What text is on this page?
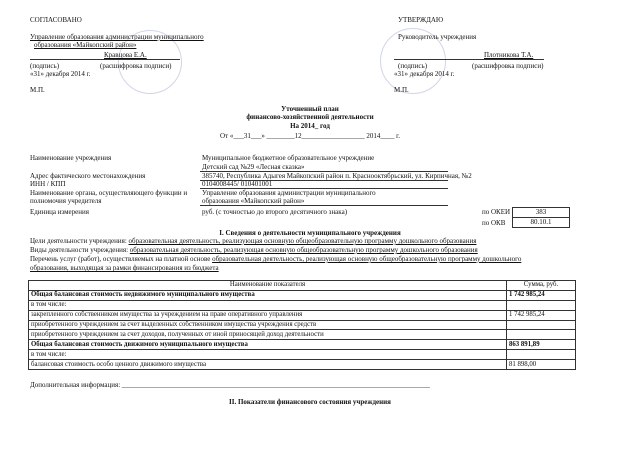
СОГЛАСОВАНО
Управление образования администрации муниципального
образования «Майкопский район»
Кравцова Е.А.
(подпись)	(расшифровка подписи)
«31» декабря 2014 г.
М.П.
УТВЕРЖДАЮ
Руководитель учреждения
Плотникова Т.А.
(подпись)	(расшифровка подписи)
«31» декабря 2014 г.
М.П.
Уточненный план
финансово-хозяйственной деятельности
На 2014_ год
От «___31___» ________12__________________ 2014____ г.
Наименование учреждения	Муниципальное бюджетное образовательное учреждение
Детский сад №29 «Лесная сказка»
Адрес фактического местонахождения	385740, Республика Адыгея Майкопский район п. Краснооктябрьский, ул. Кирпичная, №2
ИНН / КПП	0104008445/ 010401001
Наименование органа, осуществляющего функции и
полномочия учредителя
Управление образования администрации муниципального
образования «Майкопский район»
Единица измерения	руб. (с точностью до второго десятичного знака)	по ОКЕИ	383
по ОКВ	80.10.1
I. Сведения о деятельности муниципального учреждения
Цели деятельности учреждения: образовательная деятельность, реализующая основную общеобразовательную программу дошкольного образования
Виды деятельности учреждения: образовательная деятельность, реализующая основную общеобразовательную программу дошкольного образования
Перечень услуг (работ), осуществляемых на платной основе образовательная деятельность, реализующая основную общеобразовательную программу дошкольного
образования, выходящая за рамки финансирования из бюджета
Наименование показателя	Сумма, руб.
Общая балансовая стоимость недвижимого муниципального имущества	1 742 985,24
в том числе:	
закрепленного собственником имущества за учреждением на праве оперативного управления	1 742 985,24
приобретенного учреждением за счет выделенных собственником имущества учреждения средств	
приобретенного учреждением за счет доходов, полученных от иной приносящей доход деятельности	
Общая балансовая стоимость движимого муниципального имущества	863 891,89
в том числе:	
балансовая стоимость особо ценного движимого имущества	81 898,00
Дополнительная информация: ________________________________________________________________________________________
II. Показатели финансового состояния учреждения
